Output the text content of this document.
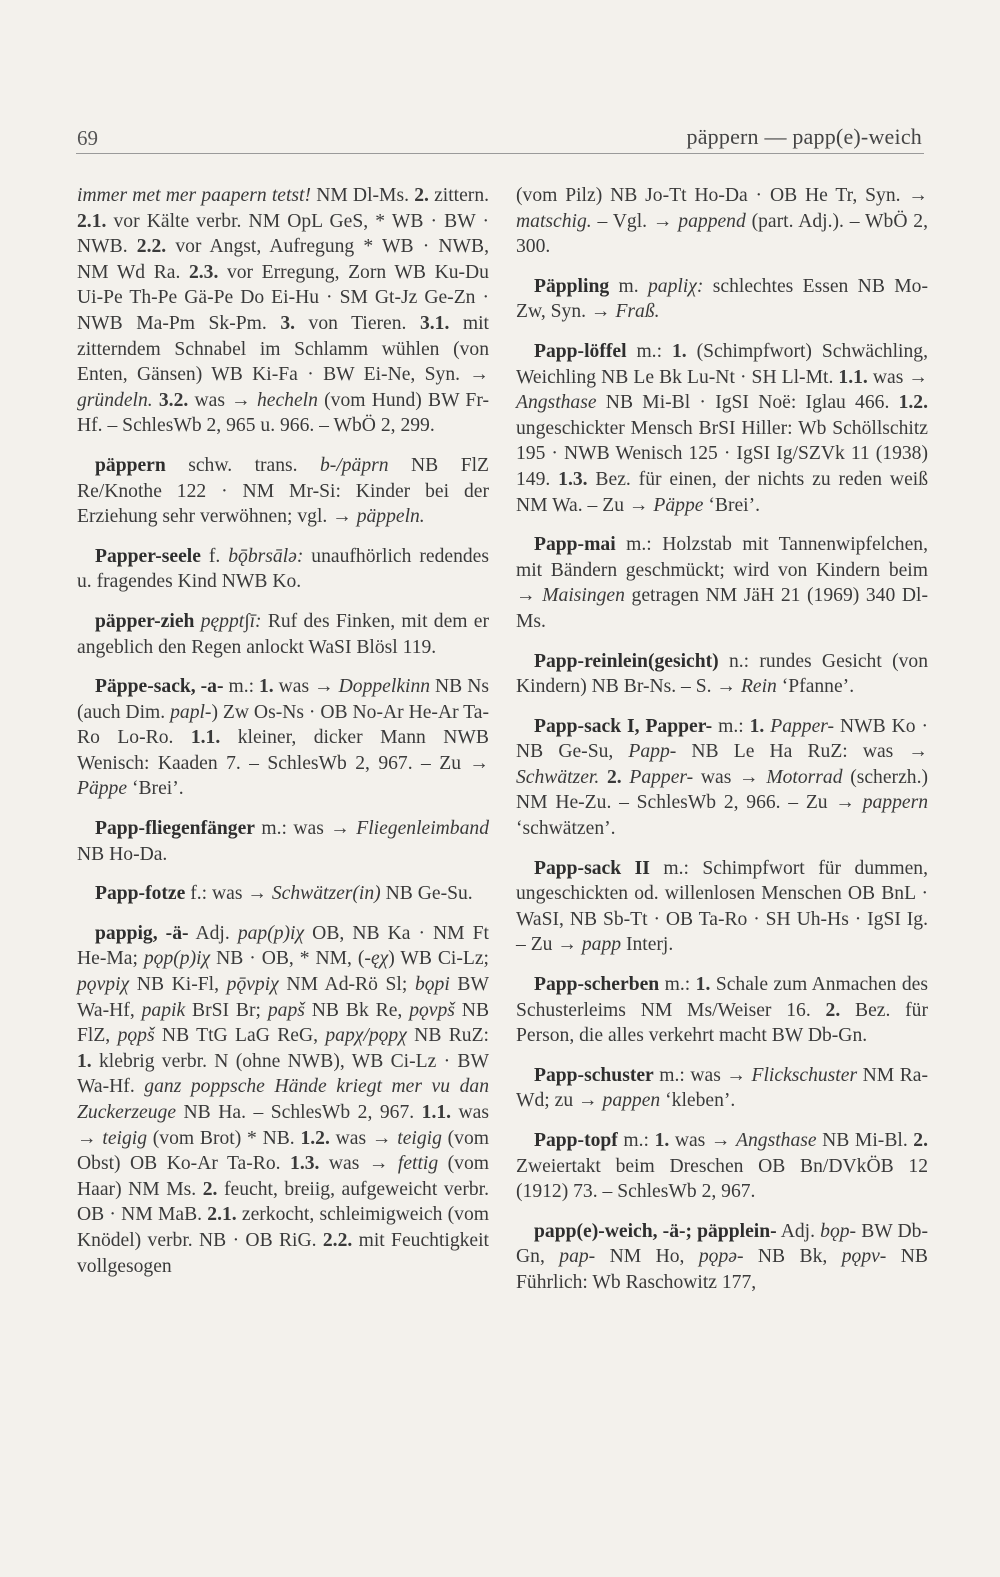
69	päppern — papp(e)-weich

immer met mer paapern tetst! NM Dl-Ms. 2. zittern. 2.1. vor Kälte verbr. NM OpL GeS, * WB · BW · NWB. 2.2. vor Angst, Aufregung * WB · NWB, NM Wd Ra. 2.3. vor Erregung, Zorn WB Ku-Du Ui-Pe Th-Pe Gä-Pe Do Ei-Hu · SM Gt-Jz Ge-Zn · NWB Ma-Pm Sk-Pm. 3. von Tieren. 3.1. mit zitterndem Schnabel im Schlamm wühlen (von Enten, Gänsen) WB Ki-Fa · BW Ei-Ne, Syn. → gründeln. 3.2. was → hecheln (vom Hund) BW Fr-Hf. – SchlesWb 2, 965 u. 966. – WbÖ 2, 299.

päppern schw. trans. b-/päprn NB FlZ Re/Knothe 122 · NM Mr-Si: Kinder bei der Erziehung sehr verwöhnen; vgl. → päppeln.

Papper-seele f. bǭbrsālə: unaufhörlich redendes u. fragendes Kind NWB Ko.

päpper-zieh pęppt∫ī: Ruf des Finken, mit dem er angeblich den Regen anlockt WaSI Blösl 119.

Päppe-sack, -a- m.: 1. was → Doppelkinn NB Ns (auch Dim. papl-) Zw Os-Ns · OB No-Ar He-Ar Ta-Ro Lo-Ro. 1.1. kleiner, dicker Mann NWB Wenisch: Kaaden 7. – SchlesWb 2, 967. – Zu → Päppe ‘Brei’.

Papp-fliegenfänger m.: was → Fliegenleimband NB Ho-Da.

Papp-fotze f.: was → Schwätzer(in) NB Ge-Su.

pappig, -ä- Adj. pap(p)iχ OB, NB Ka · NM Ft He-Ma; pǫp(p)iχ NB · OB, * NM, (-ęχ) WB Ci-Lz; pǫvpiχ NB Ki-Fl, pǭvpiχ NM Ad-Rö Sl; bǫpi BW Wa-Hf, papik BrSI Br; papš NB Bk Re, pǫvpš NB FlZ, pǫpš NB TtG LaG ReG, papχ/pǫpχ NB RuZ: 1. klebrig verbr. N (ohne NWB), WB Ci-Lz · BW Wa-Hf. ganz poppsche Hände kriegt mer vu dan Zuckerzeuge NB Ha. – SchlesWb 2, 967. 1.1. was → teigig (vom Brot) * NB. 1.2. was → teigig (vom Obst) OB Ko-Ar Ta-Ro. 1.3. was → fettig (vom Haar) NM Ms. 2. feucht, breiig, aufgeweicht verbr. OB · NM MaB. 2.1. zerkocht, schleimigweich (vom Knödel) verbr. NB · OB RiG. 2.2. mit Feuchtigkeit vollgesogen

(vom Pilz) NB Jo-Tt Ho-Da · OB He Tr, Syn. → matschig. – Vgl. → pappend (part. Adj.). – WbÖ 2, 300.

Päppling m. papliχ: schlechtes Essen NB Mo-Zw, Syn. → Fraß.

Papp-löffel m.: 1. (Schimpfwort) Schwächling, Weichling NB Le Bk Lu-Nt · SH Ll-Mt. 1.1. was → Angsthase NB Mi-Bl · IgSI Noë: Iglau 466. 1.2. ungeschickter Mensch BrSI Hiller: Wb Schöllschitz 195 · NWB Wenisch 125 · IgSI Ig/SZVk 11 (1938) 149. 1.3. Bez. für einen, der nichts zu reden weiß NM Wa. – Zu → Päppe ‘Brei’.

Papp-mai m.: Holzstab mit Tannenwipfelchen, mit Bändern geschmückt; wird von Kindern beim → Maisingen getragen NM JäH 21 (1969) 340 Dl-Ms.

Papp-reinlein(gesicht) n.: rundes Gesicht (von Kindern) NB Br-Ns. – S. → Rein ‘Pfanne’.

Papp-sack I, Papper- m.: 1. Papper- NWB Ko · NB Ge-Su, Papp- NB Le Ha RuZ: was → Schwätzer. 2. Papper- was → Motorrad (scherzh.) NM He-Zu. – SchlesWb 2, 966. – Zu → pappern ‘schwätzen’.

Papp-sack II m.: Schimpfwort für dummen, ungeschickten od. willenlosen Menschen OB BnL · WaSI, NB Sb-Tt · OB Ta-Ro · SH Uh-Hs · IgSI Ig. – Zu → papp Interj.

Papp-scherben m.: 1. Schale zum Anmachen des Schusterleims NM Ms/Weiser 16. 2. Bez. für Person, die alles verkehrt macht BW Db-Gn.

Papp-schuster m.: was → Flickschuster NM Ra-Wd; zu → pappen ‘kleben’.

Papp-topf m.: 1. was → Angsthase NB Mi-Bl. 2. Zweiertakt beim Dreschen OB Bn/DVkÖB 12 (1912) 73. – SchlesWb 2, 967.

papp(e)-weich, -ä-; päpplein- Adj. bǫp- BW Db-Gn, pap- NM Ho, pǫpə- NB Bk, pǫpv- NB Führlich: Wb Raschowitz 177,
